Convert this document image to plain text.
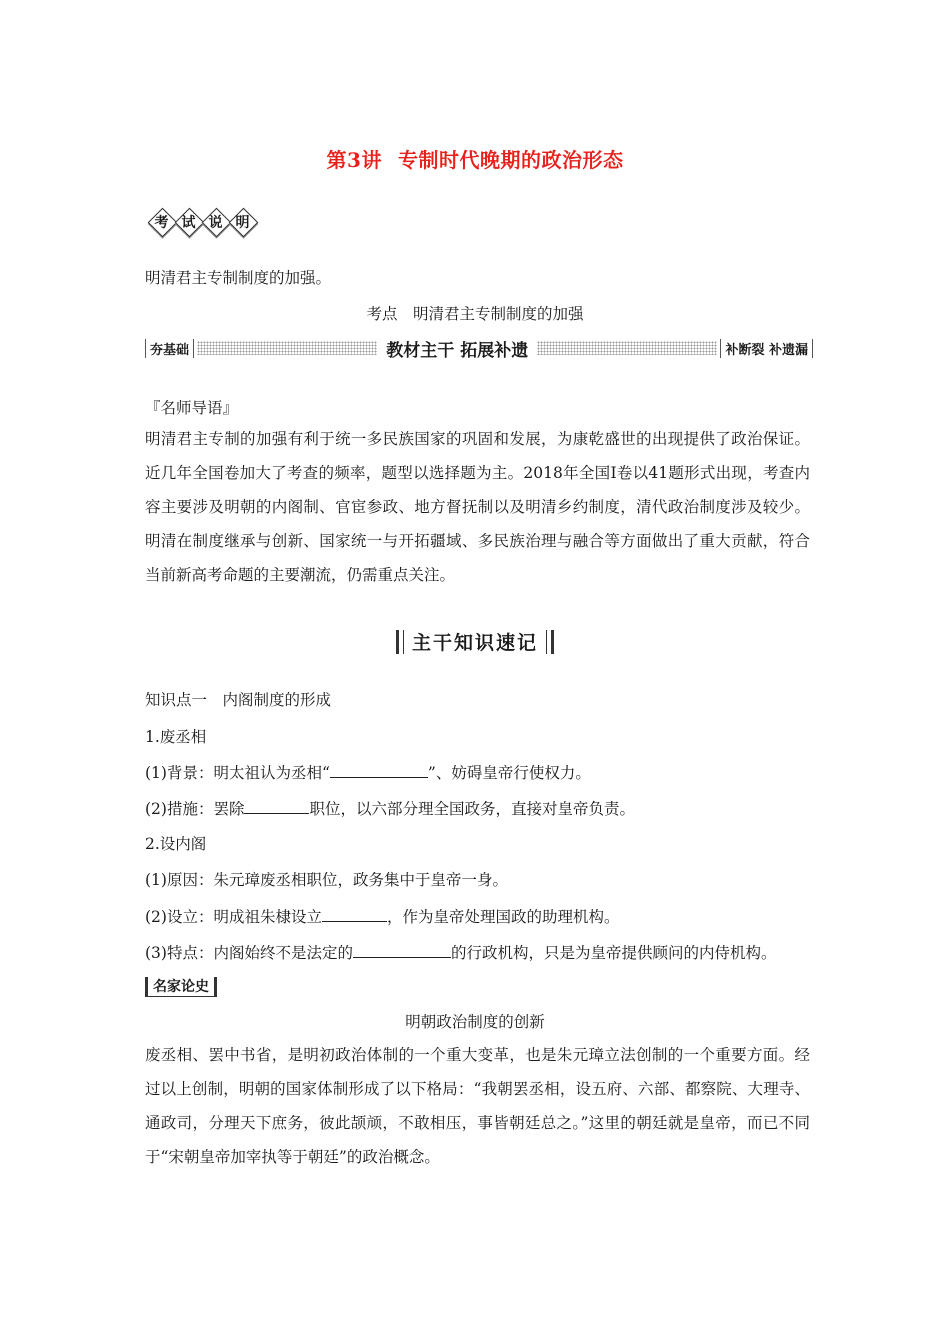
第3讲 专制时代晚期的政治形态
考 试 说 明
明清君主专制制度的加强。
考点　明清君主专制制度的加强
夯基础	教材主干 拓展补遗	补断裂 补遗漏
『名师导语』
明清君主专制的加强有利于统一多民族国家的巩固和发展，为康乾盛世的出现提供了政治保证。近几年全国卷加大了考查的频率，题型以选择题为主。2018年全国Ⅰ卷以41题形式出现，考查内容主要涉及明朝的内阁制、官宦参政、地方督抚制以及明清乡约制度，清代政治制度涉及较少。明清在制度继承与创新、国家统一与开拓疆域、多民族治理与融合等方面做出了重大贡献，符合当前新高考命题的主要潮流，仍需重点关注。
主干知识速记
知识点一　内阁制度的形成
1.废丞相
(1)背景：明太祖认为丞相“	”、妨碍皇帝行使权力。
(2)措施：罢除	职位，以六部分理全国政务，直接对皇帝负责。
2.设内阁
(1)原因：朱元璋废丞相职位，政务集中于皇帝一身。
(2)设立：明成祖朱棣设立	，作为皇帝处理国政的助理机构。
(3)特点：内阁始终不是法定的	的行政机构，只是为皇帝提供顾问的内侍机构。
名家论史
明朝政治制度的创新
废丞相、罢中书省，是明初政治体制的一个重大变革，也是朱元璋立法创制的一个重要方面。经过以上创制，明朝的国家体制形成了以下格局：“我朝罢丞相，设五府、六部、都察院、大理寺、通政司，分理天下庶务，彼此颉颃，不敢相压，事皆朝廷总之。”这里的朝廷就是皇帝，而已不同于“宋朝皇帝加宰执等于朝廷”的政治概念。
